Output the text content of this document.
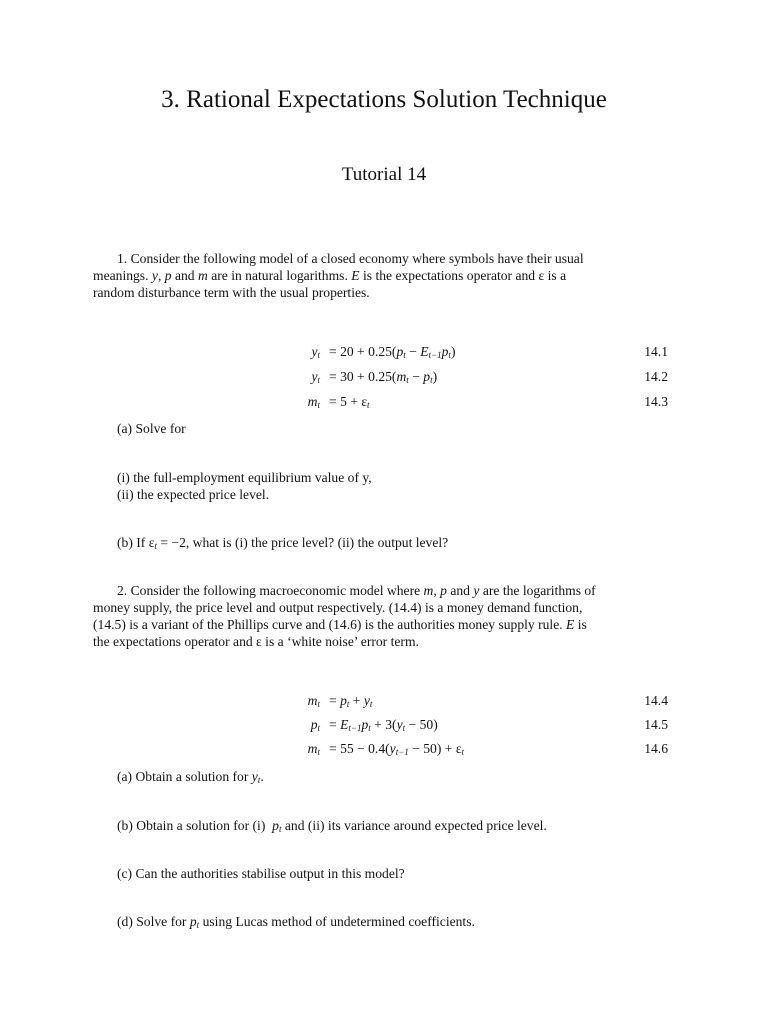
3. Rational Expectations Solution Technique
Tutorial 14
1. Consider the following model of a closed economy where symbols have their usual
meanings. y, p and m are in natural logarithms. E is the expectations operator and ε is a
random disturbance term with the usual properties.
$y_t = 20 + 0.25(p_t - E_{t-1}p_t)$	14.1
$y_t = 30 + 0.25(m_t - p_t)$	14.2
$m_t = 5 + \varepsilon_t$	14.3

(a) Solve for

(i) the full-employment equilibrium value of y,
(ii) the expected price level.

(b) If $\varepsilon_t = -2$, what is (i) the price level? (ii) the output level?

2. Consider the following macroeconomic model where m, p and y are the logarithms of
money supply, the price level and output respectively. (14.4) is a money demand function,
(14.5) is a variant of the Phillips curve and (14.6) is the authorities money supply rule. E is
the expectations operator and ε is a ‘white noise’ error term.
$m_t = p_t + y_t$	14.4
$p_t = E_{t-1}p_t + 3(y_t - 50)$	14.5
$m_t = 55 - 0.4(y_{t-1} - 50) + \varepsilon_t$	14.6

(a) Obtain a solution for $y_t$.

(b) Obtain a solution for (i)  $p_t$ and (ii) its variance around expected price level.

(c) Can the authorities stabilise output in this model?

(d) Solve for $p_t$ using Lucas method of undetermined coefficients.
